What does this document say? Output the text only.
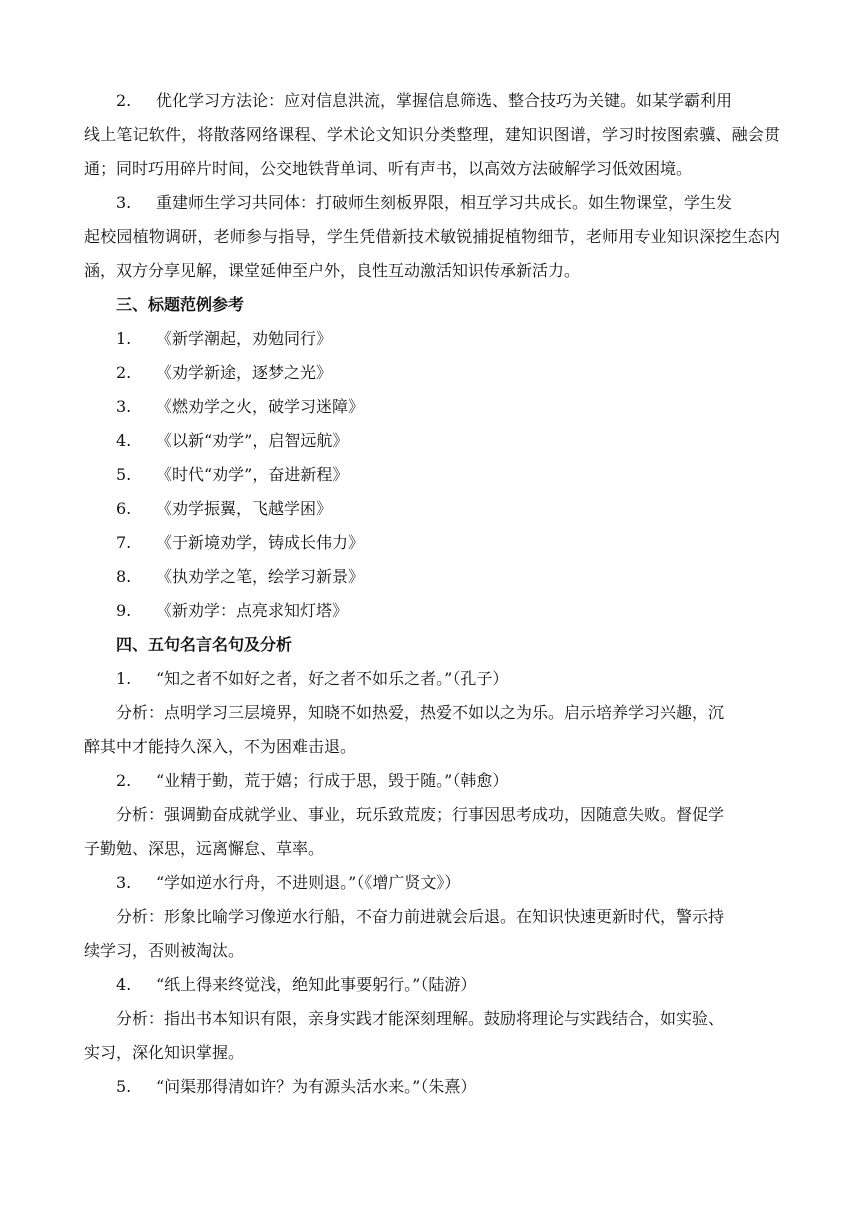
2. 优化学习方法论：应对信息洪流，掌握信息筛选、整合技巧为关键。如某学霸利用
线上笔记软件，将散落网络课程、学术论文知识分类整理，建知识图谱，学习时按图索骥、融会贯通；同时巧用碎片时间，公交地铁背单词、听有声书，以高效方法破解学习低效困境。

3. 重建师生学习共同体：打破师生刻板界限，相互学习共成长。如生物课堂，学生发
起校园植物调研，老师参与指导，学生凭借新技术敏锐捕捉植物细节，老师用专业知识深挖生态内涵，双方分享见解，课堂延伸至户外，良性互动激活知识传承新活力。

三、标题范例参考

1. 《新学潮起，劝勉同行》

2. 《劝学新途，逐梦之光》

3. 《燃劝学之火，破学习迷障》

4. 《以新“劝学”，启智远航》

5. 《时代“劝学”，奋进新程》

6. 《劝学振翼，飞越学困》

7. 《于新境劝学，铸成长伟力》

8. 《执劝学之笔，绘学习新景》

9. 《新劝学：点亮求知灯塔》

四、五句名言名句及分析

1. “知之者不如好之者，好之者不如乐之者。”（孔子）

分析：点明学习三层境界，知晓不如热爱，热爱不如以之为乐。启示培养学习兴趣，沉
醉其中才能持久深入，不为困难击退。

2. “业精于勤，荒于嬉；行成于思，毁于随。”（韩愈）

分析：强调勤奋成就学业、事业，玩乐致荒废；行事因思考成功，因随意失败。督促学
子勤勉、深思，远离懈怠、草率。

3. “学如逆水行舟，不进则退。”（《增广贤文》）

分析：形象比喻学习像逆水行船，不奋力前进就会后退。在知识快速更新时代，警示持
续学习，否则被淘汰。

4. “纸上得来终觉浅，绝知此事要躬行。”（陆游）

分析：指出书本知识有限，亲身实践才能深刻理解。鼓励将理论与实践结合，如实验、
实习，深化知识掌握。

5. “问渠那得清如许？为有源头活水来。”（朱熹）
